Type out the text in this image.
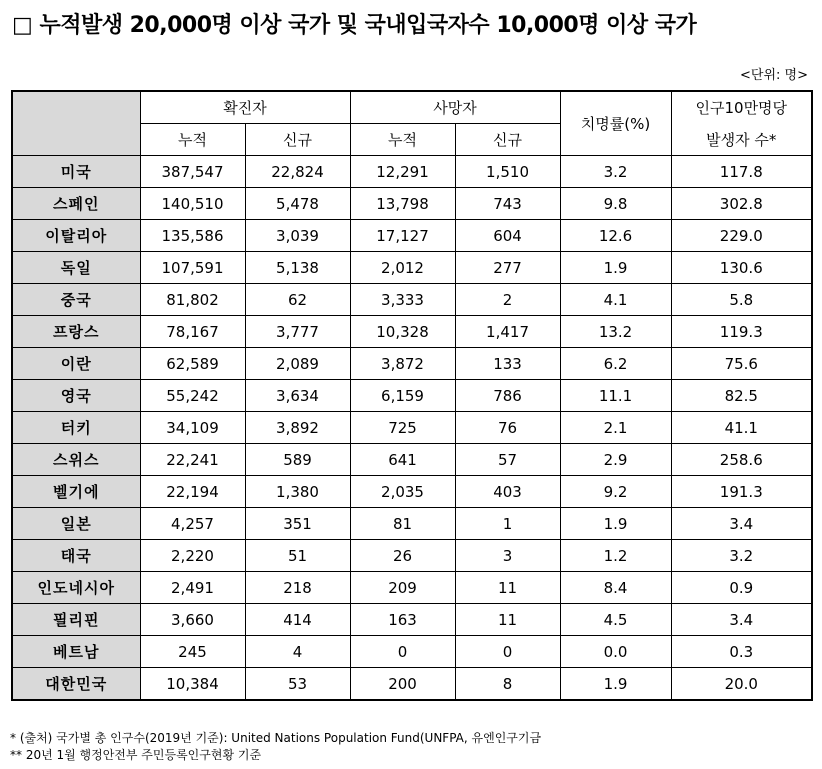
□ 누적발생 20,000명 이상 국가 및 국내입국자수 10,000명 이상 국가
<단위: 명>
	확진자		사망자		치명률(%)	인구10만명당
	누적	신규	누적	신규		발생자 수*
미국	387,547	22,824	12,291	1,510	3.2	117.8
스페인	140,510	5,478	13,798	743	9.8	302.8
이탈리아	135,586	3,039	17,127	604	12.6	229.0
독일	107,591	5,138	2,012	277	1.9	130.6
중국	81,802	62	3,333	2	4.1	5.8
프랑스	78,167	3,777	10,328	1,417	13.2	119.3
이란	62,589	2,089	3,872	133	6.2	75.6
영국	55,242	3,634	6,159	786	11.1	82.5
터키	34,109	3,892	725	76	2.1	41.1
스위스	22,241	589	641	57	2.9	258.6
벨기에	22,194	1,380	2,035	403	9.2	191.3
일본	4,257	351	81	1	1.9	3.4
태국	2,220	51	26	3	1.2	3.2
인도네시아	2,491	218	209	11	8.4	0.9
필리핀	3,660	414	163	11	4.5	3.4
베트남	245	4	0	0	0.0	0.3
대한민국	10,384	53	200	8	1.9	20.0
* (출처) 국가별 총 인구수(2019년 기준): United Nations Population Fund(UNFPA, 유엔인구기금
** 20년 1월 행정안전부 주민등록인구현황 기준
